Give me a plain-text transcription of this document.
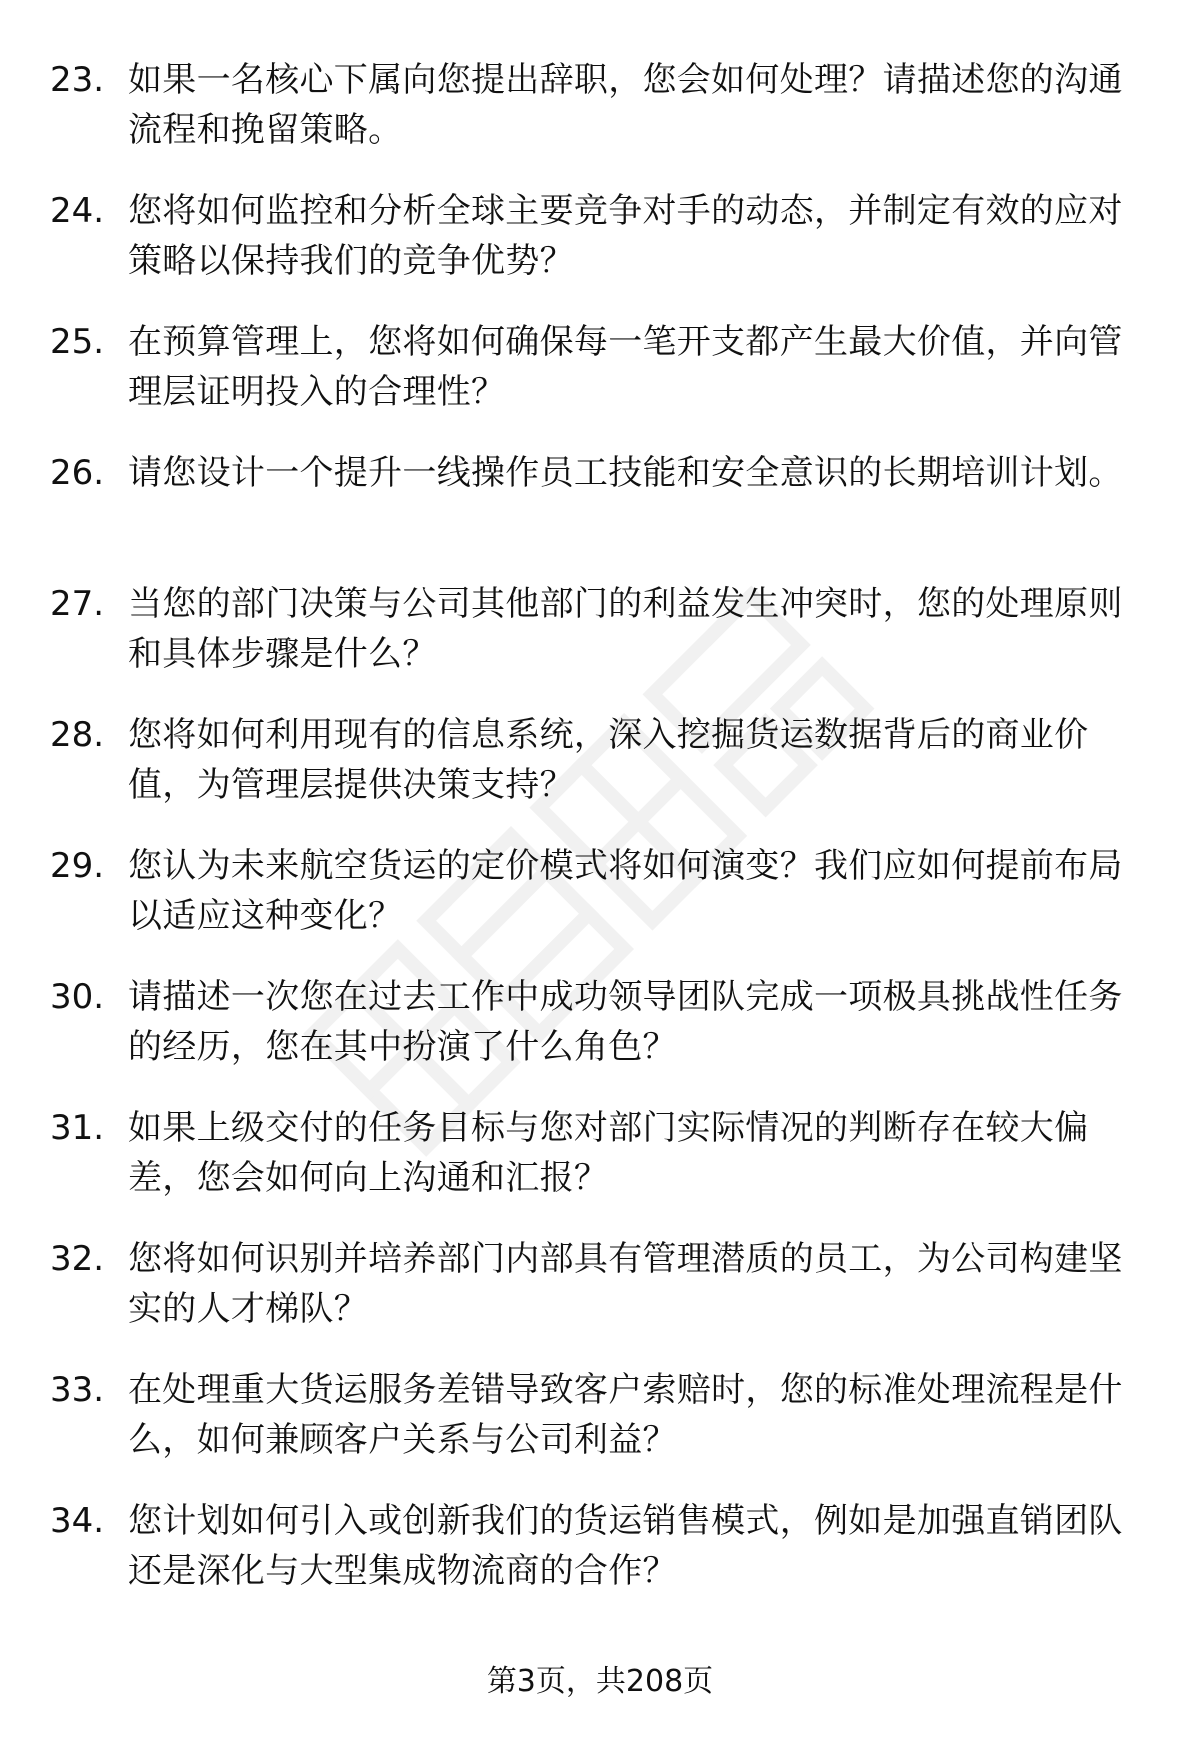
23. 如果一名核心下属向您提出辞职，您会如何处理？请描述您的沟通流程和挽留策略。
24. 您将如何监控和分析全球主要竞争对手的动态，并制定有效的应对策略以保持我们的竞争优势？
25. 在预算管理上，您将如何确保每一笔开支都产生最大价值，并向管理层证明投入的合理性？
26. 请您设计一个提升一线操作员工技能和安全意识的长期培训计划。
27. 当您的部门决策与公司其他部门的利益发生冲突时，您的处理原则和具体步骤是什么？
28. 您将如何利用现有的信息系统，深入挖掘货运数据背后的商业价值，为管理层提供决策支持？
29. 您认为未来航空货运的定价模式将如何演变？我们应如何提前布局以适应这种变化？
30. 请描述一次您在过去工作中成功领导团队完成一项极具挑战性任务的经历，您在其中扮演了什么角色？
31. 如果上级交付的任务目标与您对部门实际情况的判断存在较大偏差，您会如何向上沟通和汇报？
32. 您将如何识别并培养部门内部具有管理潜质的员工，为公司构建坚实的人才梯队？
33. 在处理重大货运服务差错导致客户索赔时，您的标准处理流程是什么，如何兼顾客户关系与公司利益？
34. 您计划如何引入或创新我们的货运销售模式，例如是加强直销团队还是深化与大型集成物流商的合作？
第3页，共208页
